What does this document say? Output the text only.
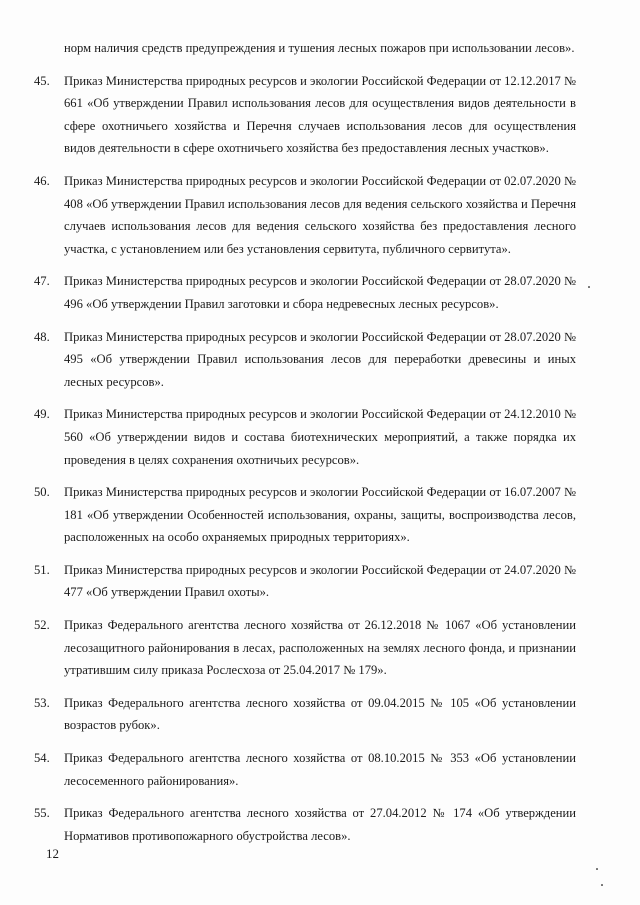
норм наличия средств предупреждения и тушения лесных пожаров при использовании лесов».
45.	Приказ Министерства природных ресурсов и экологии Российской Федерации от 12.12.2017 № 661 «Об утверждении Правил использования лесов для осуществления видов деятельности в сфере охотничьего хозяйства и Перечня случаев использования лесов для осуществления видов деятельности в сфере охотничьего хозяйства без предоставления лесных участков».
46.	Приказ Министерства природных ресурсов и экологии Российской Федерации от 02.07.2020 № 408 «Об утверждении Правил использования лесов для ведения сельского хозяйства и Перечня случаев использования лесов для ведения сельского хозяйства без предоставления лесного участка, с установлением или без установления сервитута, публичного сервитута».
47.	Приказ Министерства природных ресурсов и экологии Российской Федерации от 28.07.2020 № 496 «Об утверждении Правил заготовки и сбора недревесных лесных ресурсов».
48.	Приказ Министерства природных ресурсов и экологии Российской Федерации от 28.07.2020 № 495 «Об утверждении Правил использования лесов для переработки древесины и иных лесных ресурсов».
49.	Приказ Министерства природных ресурсов и экологии Российской Федерации от 24.12.2010 № 560 «Об утверждении видов и состава биотехнических мероприятий, а также порядка их проведения в целях сохранения охотничьих ресурсов».
50.	Приказ Министерства природных ресурсов и экологии Российской Федерации от 16.07.2007 № 181 «Об утверждении Особенностей использования, охраны, защиты, воспроизводства лесов, расположенных на особо охраняемых природных территориях».
51.	Приказ Министерства природных ресурсов и экологии Российской Федерации от 24.07.2020 № 477 «Об утверждении Правил охоты».
52.	Приказ Федерального агентства лесного хозяйства от 26.12.2018 № 1067 «Об установлении лесозащитного районирования в лесах, расположенных на землях лесного фонда, и признании утратившим силу приказа Рослесхоза от 25.04.2017 № 179».
53.	Приказ Федерального агентства лесного хозяйства от 09.04.2015 № 105 «Об установлении возрастов рубок».
54.	Приказ Федерального агентства лесного хозяйства от 08.10.2015 № 353 «Об установлении лесосеменного районирования».
55.	Приказ Федерального агентства лесного хозяйства от 27.04.2012 № 174 «Об утверждении Нормативов противопожарного обустройства лесов».
12
